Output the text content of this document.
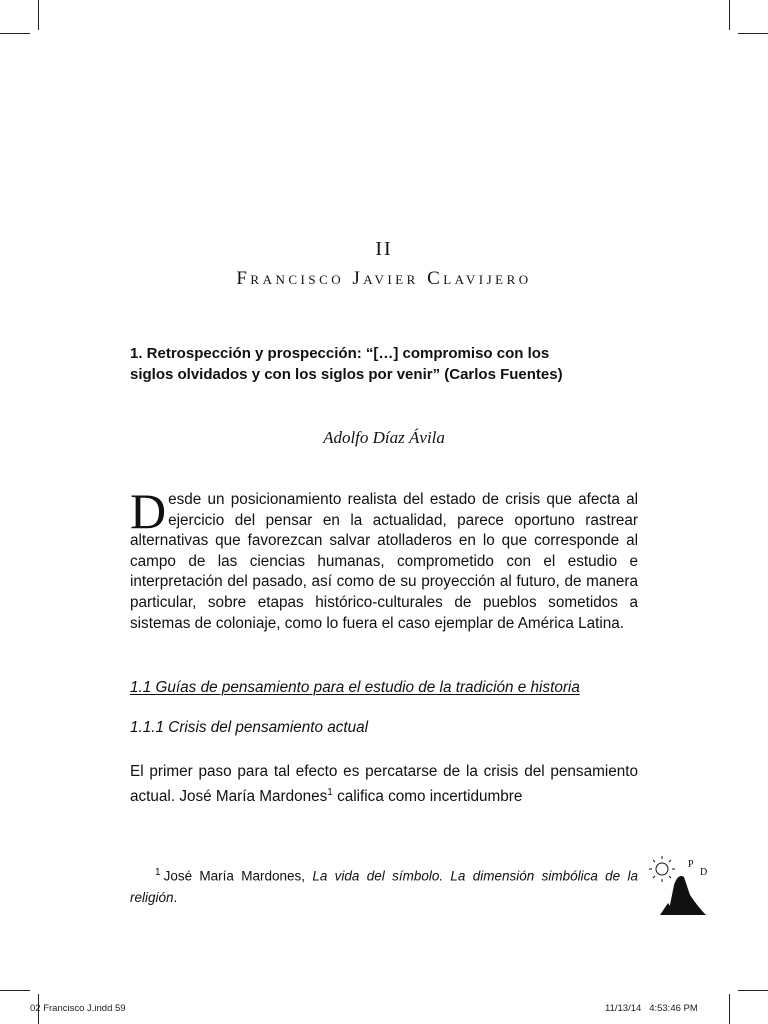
II
Francisco Javier Clavijero
1. Retrospección y prospección: “[…] compromiso con los siglos olvidados y con los siglos por venir” (Carlos Fuentes)
Adolfo Díaz Ávila
Desde un posicionamiento realista del estado de crisis que afecta al ejercicio del pensar en la actualidad, parece oportuno rastrear alternativas que favorezcan salvar atolladeros en lo que corresponde al campo de las ciencias humanas, comprometido con el estudio e interpretación del pasado, así como de su proyección al futuro, de manera particular, sobre etapas histórico-culturales de pueblos sometidos a sistemas de coloniaje, como lo fuera el caso ejemplar de América Latina.
1.1 Guías de pensamiento para el estudio de la tradición e historia
1.1.1 Crisis del pensamiento actual
El primer paso para tal efecto es percatarse de la crisis del pensamiento actual. José María Mardones$^1$ califica como incertidumbre
$^1$ José María Mardones, La vida del símbolo. La dimensión simbólica de la religión.
P
D
02 Francisco J.indd 59	11/13/14   4:53:46 PM
